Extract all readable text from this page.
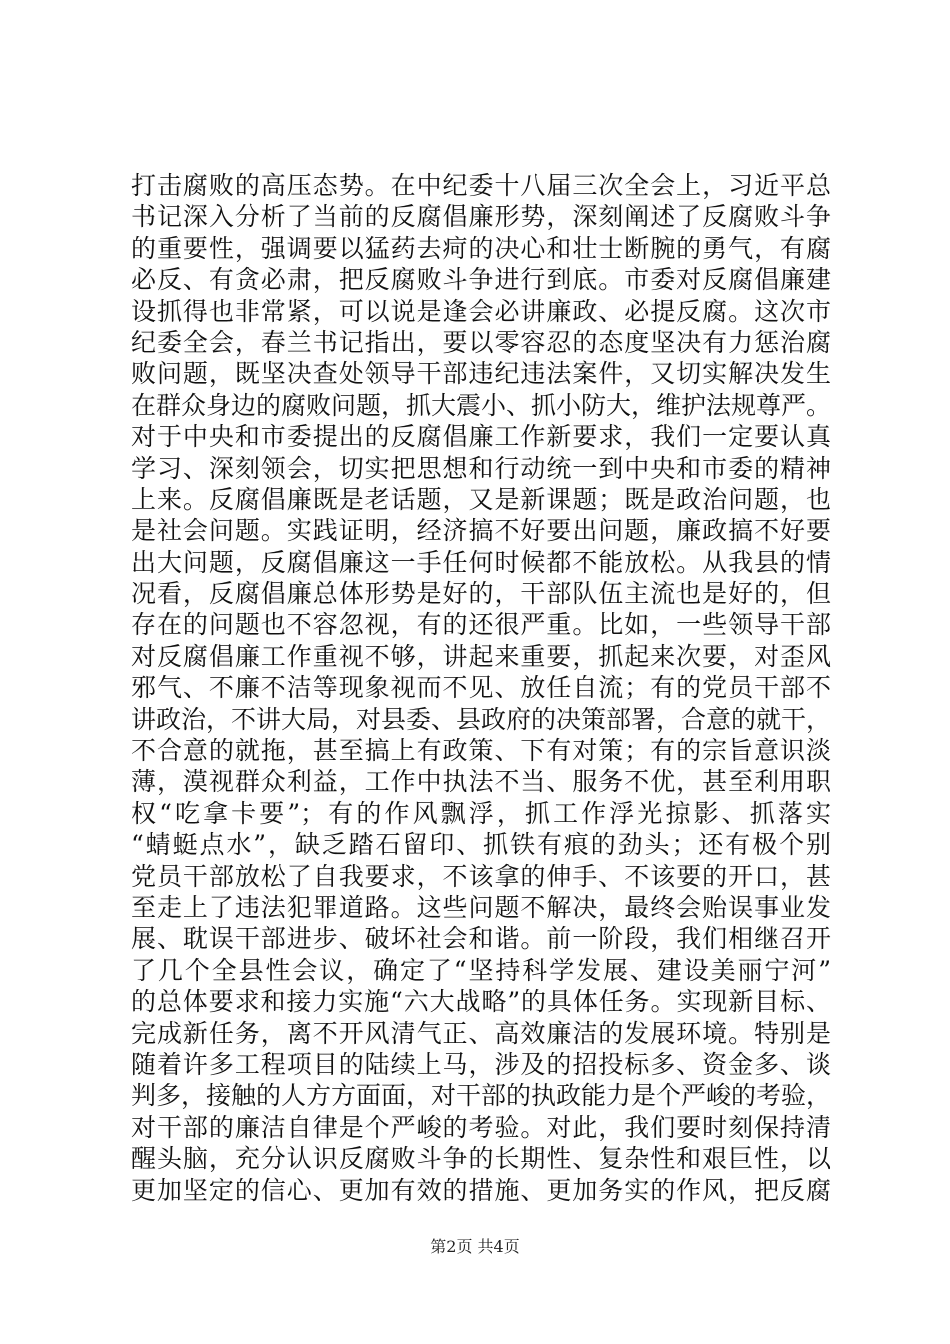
打击腐败的高压态势。在中纪委十八届三次全会上，习近平总
书记深入分析了当前的反腐倡廉形势，深刻阐述了反腐败斗争
的重要性，强调要以猛药去疴的决心和壮士断腕的勇气，有腐
必反、有贪必肃，把反腐败斗争进行到底。市委对反腐倡廉建
设抓得也非常紧，可以说是逢会必讲廉政、必提反腐。这次市
纪委全会，春兰书记指出，要以零容忍的态度坚决有力惩治腐
败问题，既坚决查处领导干部违纪违法案件，又切实解决发生
在群众身边的腐败问题，抓大震小、抓小防大，维护法规尊严。
对于中央和市委提出的反腐倡廉工作新要求，我们一定要认真
学习、深刻领会，切实把思想和行动统一到中央和市委的精神
上来。反腐倡廉既是老话题，又是新课题；既是政治问题，也
是社会问题。实践证明，经济搞不好要出问题，廉政搞不好要
出大问题，反腐倡廉这一手任何时候都不能放松。从我县的情
况看，反腐倡廉总体形势是好的，干部队伍主流也是好的，但
存在的问题也不容忽视，有的还很严重。比如，一些领导干部
对反腐倡廉工作重视不够，讲起来重要，抓起来次要，对歪风
邪气、不廉不洁等现象视而不见、放任自流；有的党员干部不
讲政治，不讲大局，对县委、县政府的决策部署，合意的就干，
不合意的就拖，甚至搞上有政策、下有对策；有的宗旨意识淡
薄，漠视群众利益，工作中执法不当、服务不优，甚至利用职
权“吃拿卡要”；有的作风飘浮，抓工作浮光掠影、抓落实
“蜻蜓点水”，缺乏踏石留印、抓铁有痕的劲头；还有极个别
党员干部放松了自我要求，不该拿的伸手、不该要的开口，甚
至走上了违法犯罪道路。这些问题不解决，最终会贻误事业发
展、耽误干部进步、破坏社会和谐。前一阶段，我们相继召开
了几个全县性会议，确定了“坚持科学发展、建设美丽宁河”
的总体要求和接力实施“六大战略”的具体任务。实现新目标、
完成新任务，离不开风清气正、高效廉洁的发展环境。特别是
随着许多工程项目的陆续上马，涉及的招投标多、资金多、谈
判多，接触的人方方面面，对干部的执政能力是个严峻的考验，
对干部的廉洁自律是个严峻的考验。对此，我们要时刻保持清
醒头脑，充分认识反腐败斗争的长期性、复杂性和艰巨性，以
更加坚定的信心、更加有效的措施、更加务实的作风，把反腐
第2页 共4页
